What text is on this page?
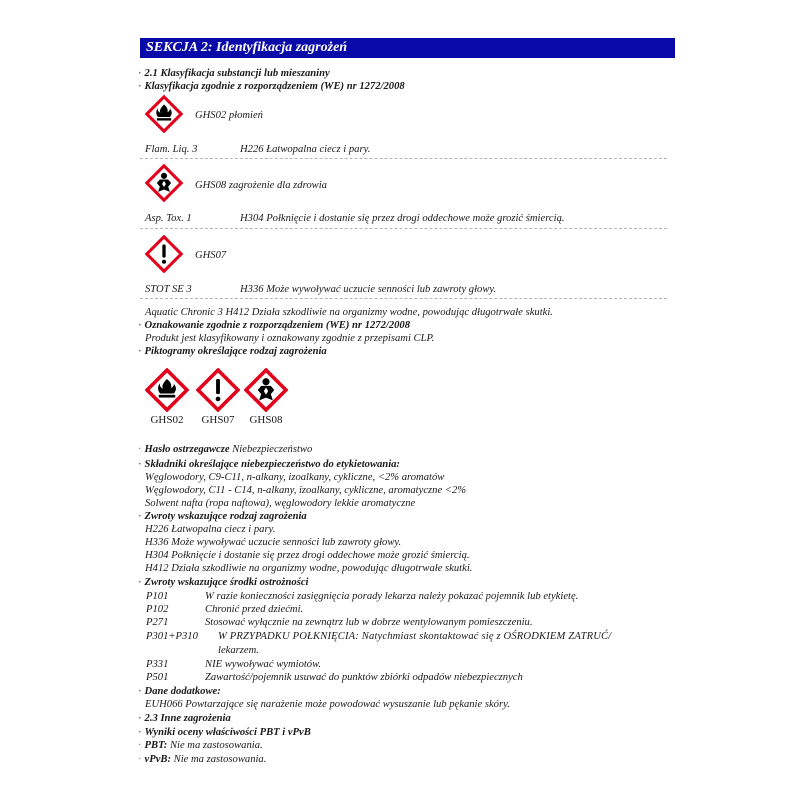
SEKCJA 2: Identyfikacja zagrożeń
· 2.1 Klasyfikacja substancji lub mieszaniny
· Klasyfikacja zgodnie z rozporządzeniem (WE) nr 1272/2008
GHS02 płomień
Flam. Liq. 3	H226 Łatwopalna ciecz i pary.
GHS08 zagrożenie dla zdrowia
Asp. Tox. 1	H304 Połknięcie i dostanie się przez drogi oddechowe może grozić śmiercią.
GHS07
STOT SE 3	H336 Może wywoływać uczucie senności lub zawroty głowy.
Aquatic Chronic 3 H412 Działa szkodliwie na organizmy wodne, powodując długotrwałe skutki.
· Oznakowanie zgodnie z rozporządzeniem (WE) nr 1272/2008
Produkt jest klasyfikowany i oznakowany zgodnie z przepisami CLP.
· Piktogramy określające rodzaj zagrożenia
GHS02	GHS07	GHS08
· Hasło ostrzegawcze Niebezpieczeństwo
· Składniki określające niebezpieczeństwo do etykietowania:
Węglowodory, C9-C11, n-alkany, izoalkany, cykliczne, <2% aromatów
Węglowodory, C11 - C14, n-alkany, izoalkany, cykliczne, aromatyczne <2%
Solwent nafta (ropa naftowa), węglowodory lekkie aromatyczne
· Zwroty wskazujące rodzaj zagrożenia
H226 Łatwopalna ciecz i pary.
H336 Może wywoływać uczucie senności lub zawroty głowy.
H304 Połknięcie i dostanie się przez drogi oddechowe może grozić śmiercią.
H412 Działa szkodliwie na organizmy wodne, powodując długotrwałe skutki.
· Zwroty wskazujące środki ostrożności
P101	W razie konieczności zasięgnięcia porady lekarza należy pokazać pojemnik lub etykietę.
P102	Chronić przed dziećmi.
P271	Stosować wyłącznie na zewnątrz lub w dobrze wentylowanym pomieszczeniu.
P301+P310 W PRZYPADKU POŁKNIĘCIA: Natychmiast skontaktować się z OŚRODKIEM ZATRUĆ/
lekarzem.
P331	NIE wywoływać wymiotów.
P501	Zawartość/pojemnik usuwać do punktów zbiórki odpadów niebezpiecznych
· Dane dodatkowe:
EUH066 Powtarzające się narażenie może powodować wysuszanie lub pękanie skóry.
· 2.3 Inne zagrożenia
· Wyniki oceny właściwości PBT i vPvB
· PBT: Nie ma zastosowania.
· vPvB: Nie ma zastosowania.
